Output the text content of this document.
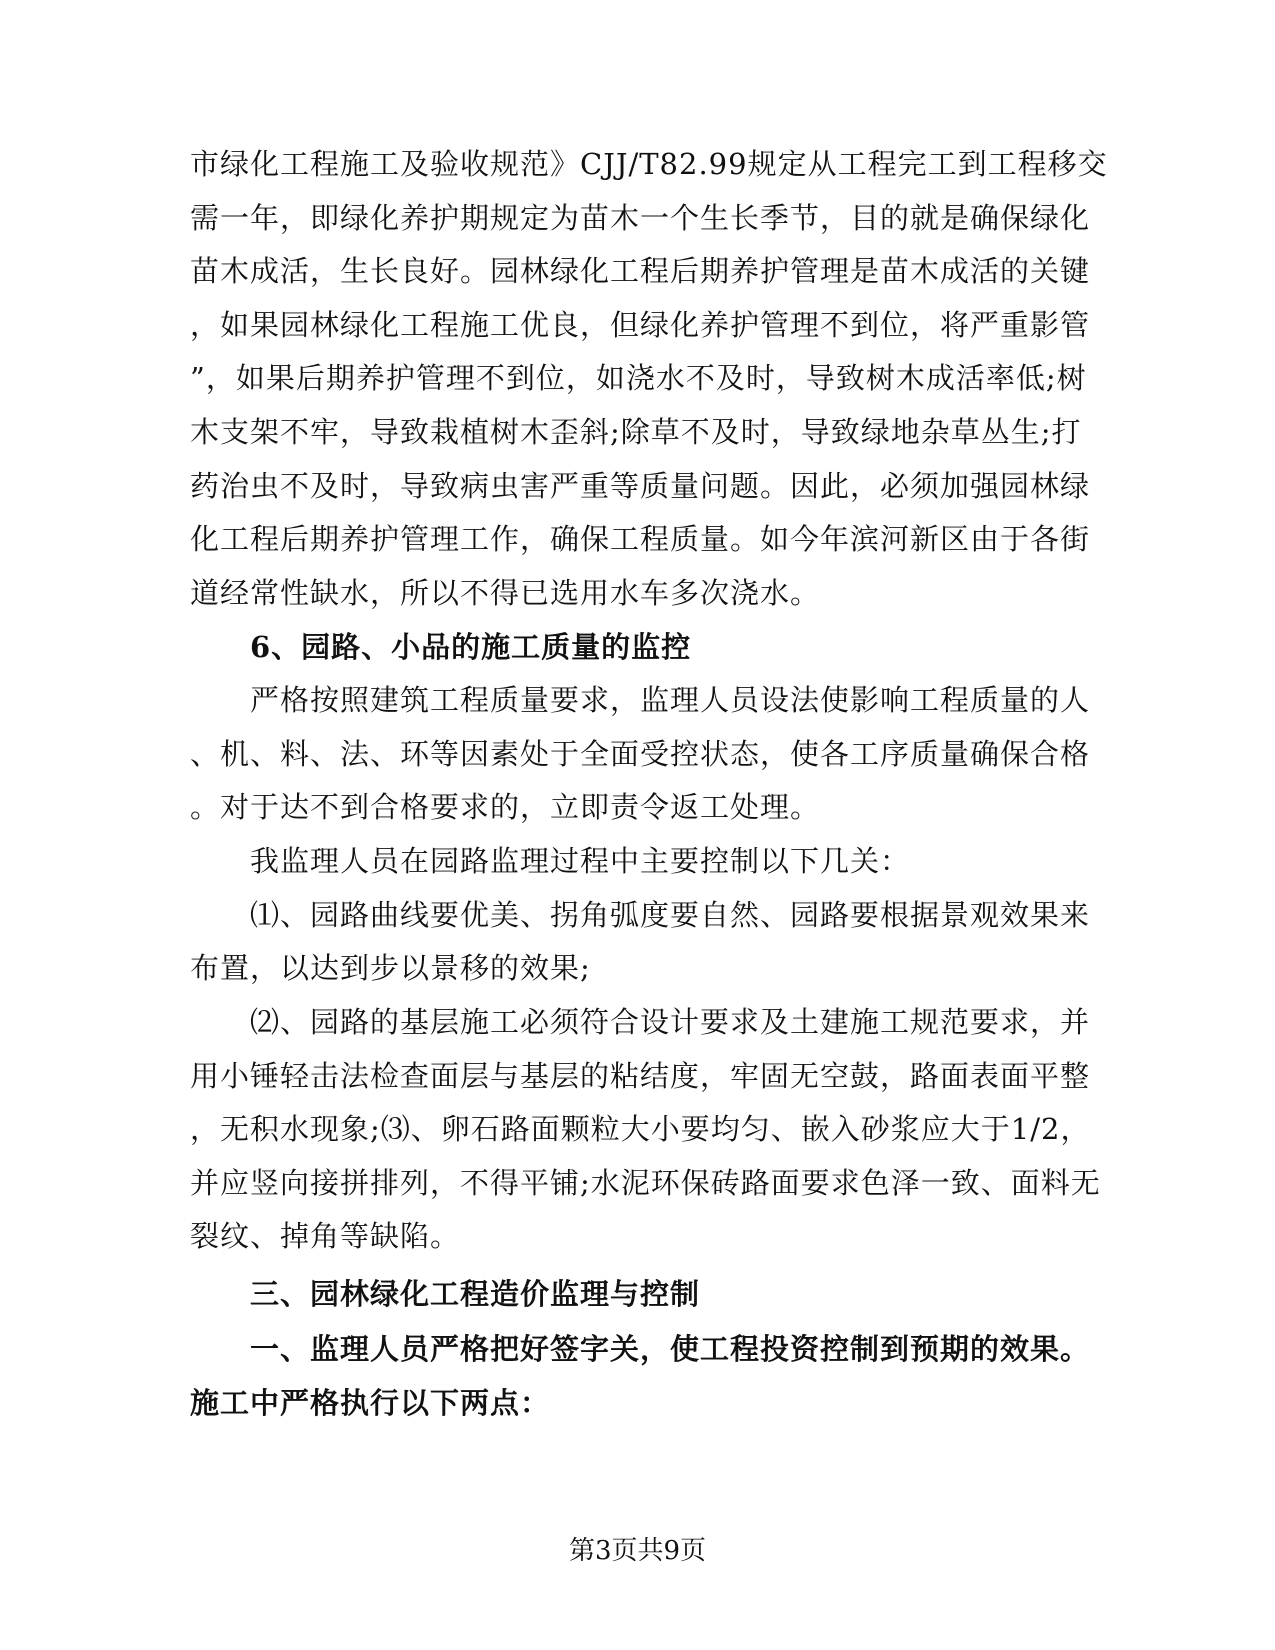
市绿化工程施工及验收规范》CJJ/T82.99规定从工程完工到工程移交
需一年，即绿化养护期规定为苗木一个生长季节，目的就是确保绿化
苗木成活，生长良好。园林绿化工程后期养护管理是苗木成活的关键
，如果园林绿化工程施工优良，但绿化养护管理不到位，将严重影管
”，如果后期养护管理不到位，如浇水不及时，导致树木成活率低;树
木支架不牢，导致栽植树木歪斜;除草不及时，导致绿地杂草丛生;打
药治虫不及时，导致病虫害严重等质量问题。因此，必须加强园林绿
化工程后期养护管理工作，确保工程质量。如今年滨河新区由于各街
道经常性缺水，所以不得已选用水车多次浇水。
6、园路、小品的施工质量的监控
严格按照建筑工程质量要求，监理人员设法使影响工程质量的人
、机、料、法、环等因素处于全面受控状态，使各工序质量确保合格
。对于达不到合格要求的，立即责令返工处理。
我监理人员在园路监理过程中主要控制以下几关：
⑴、园路曲线要优美、拐角弧度要自然、园路要根据景观效果来
布置，以达到步以景移的效果;
⑵、园路的基层施工必须符合设计要求及土建施工规范要求，并
用小锤轻击法检查面层与基层的粘结度，牢固无空鼓，路面表面平整
，无积水现象;⑶、卵石路面颗粒大小要均匀、嵌入砂浆应大于1/2，
并应竖向接拼排列，不得平铺;水泥环保砖路面要求色泽一致、面料无
裂纹、掉角等缺陷。
三、园林绿化工程造价监理与控制
一、监理人员严格把好签字关，使工程投资控制到预期的效果。
施工中严格执行以下两点：
第3页共9页
